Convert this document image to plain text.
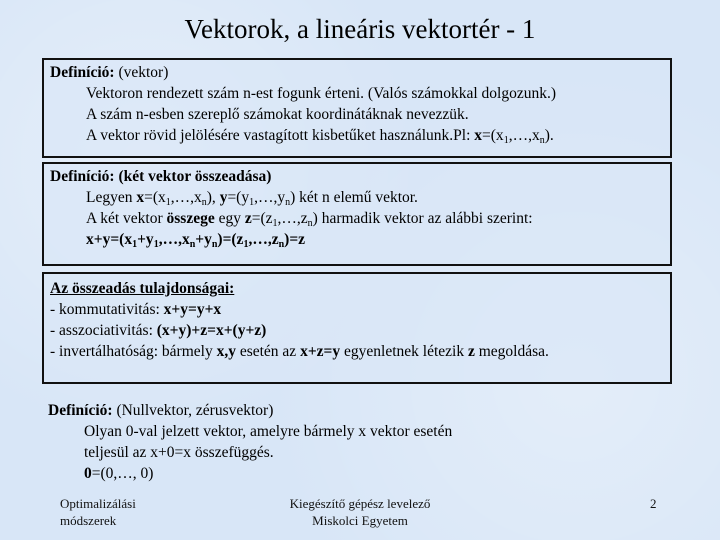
Vektorok, a lineáris vektortér - 1
Definíció: (vektor)
Vektoron rendezett szám n-est fogunk érteni. (Valós számokkal dolgozunk.)
A szám n-esben szereplő számokat koordinátáknak nevezzük.
A vektor rövid jelölésére vastagított kisbetűket használunk.Pl: $x=(x_1,\dots,x_n)$.
Definíció: (két vektor összeadása)
Legyen $x=(x_1,\dots,x_n)$, $y=(y_1,\dots,y_n)$ két n elemű vektor.
A két vektor összege egy $z=(z_1,\dots,z_n)$ harmadik vektor az alábbi szerint:
$x+y=(x_1+y_1,\dots,x_n+y_n)=(z_1,\dots,z_n)=z$
Az összeadás tulajdonságai:
- kommutativitás: x+y=y+x
- asszociativitás: (x+y)+z=x+(y+z)
- invertálhatóság: bármely x,y esetén az x+z=y egyenletnek létezik z megoldása.
Definíció: (Nullvektor, zérusvektor)
Olyan 0-val jelzett vektor, amelyre bármely x vektor esetén
teljesül az x+0=x összefüggés.
0=(0,…, 0)
Optimalizálási
módszerek
Kiegészítő gépész levelező
Miskolci Egyetem
2
